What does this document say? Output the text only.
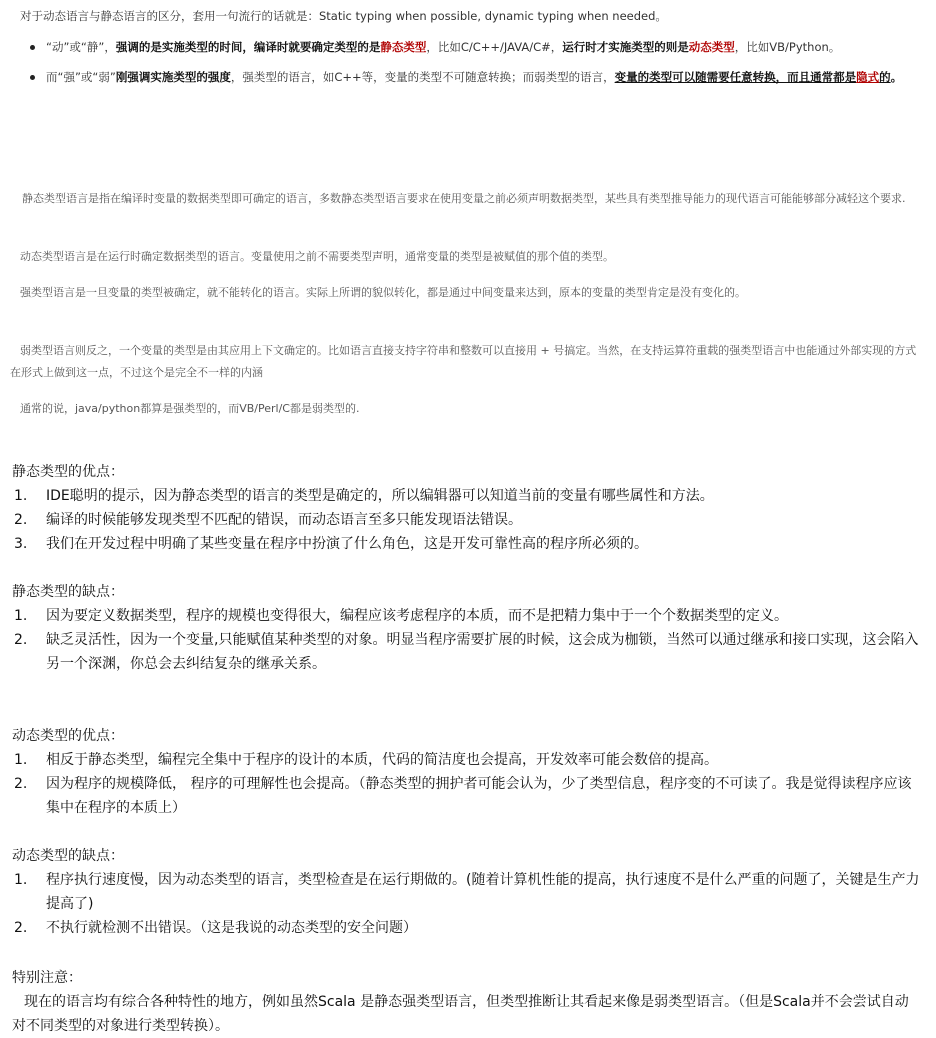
对于动态语言与静态语言的区分，套用一句流行的话就是：Static typing when possible, dynamic typing when needed。
“动”或“静”，强调的是实施类型的时间，编译时就要确定类型的是静态类型，比如C/C++/JAVA/C#，运行时才实施类型的则是动态类型，比如VB/Python。
而“强”或“弱”刚强调实施类型的强度，强类型的语言，如C++等，变量的类型不可随意转换；而弱类型的语言，变量的类型可以随需要任意转换，而且通常都是隐式的。
静态类型语言是指在编译时变量的数据类型即可确定的语言，多数静态类型语言要求在使用变量之前必须声明数据类型，某些具有类型推导能力的现代语言可能能够部分减轻这个要求.
动态类型语言是在运行时确定数据类型的语言。变量使用之前不需要类型声明，通常变量的类型是被赋值的那个值的类型。
强类型语言是一旦变量的类型被确定，就不能转化的语言。实际上所谓的貌似转化，都是通过中间变量来达到，原本的变量的类型肯定是没有变化的。
弱类型语言则反之，一个变量的类型是由其应用上下文确定的。比如语言直接支持字符串和整数可以直接用 + 号搞定。当然，在支持运算符重载的强类型语言中也能通过外部实现的方式在形式上做到这一点，不过这个是完全不一样的内涵
通常的说，java/python都算是强类型的，而VB/Perl/C都是弱类型的.
静态类型的优点：
1. IDE聪明的提示，因为静态类型的语言的类型是确定的，所以编辑器可以知道当前的变量有哪些属性和方法。
2. 编译的时候能够发现类型不匹配的错误，而动态语言至多只能发现语法错误。
3. 我们在开发过程中明确了某些变量在程序中扮演了什么角色，这是开发可靠性高的程序所必须的。
静态类型的缺点：
1. 因为要定义数据类型，程序的规模也变得很大，编程应该考虑程序的本质，而不是把精力集中于一个个数据类型的定义。
2. 缺乏灵活性，因为一个变量,只能赋值某种类型的对象。明显当程序需要扩展的时候，这会成为枷锁，当然可以通过继承和接口实现，这会陷入另一个深渊，你总会去纠结复杂的继承关系。
动态类型的优点：
1. 相反于静态类型，编程完全集中于程序的设计的本质，代码的简洁度也会提高，开发效率可能会数倍的提高。
2. 因为程序的规模降低， 程序的可理解性也会提高。（静态类型的拥护者可能会认为，少了类型信息，程序变的不可读了。我是觉得读程序应该集中在程序的本质上）
动态类型的缺点：
1. 程序执行速度慢，因为动态类型的语言，类型检查是在运行期做的。(随着计算机性能的提高，执行速度不是什么严重的问题了，关键是生产力提高了)
2. 不执行就检测不出错误。（这是我说的动态类型的安全问题）
特别注意：
现在的语言均有综合各种特性的地方，例如虽然Scala 是静态强类型语言，但类型推断让其看起来像是弱类型语言。（但是Scala并不会尝试自动对不同类型的对象进行类型转换）。
